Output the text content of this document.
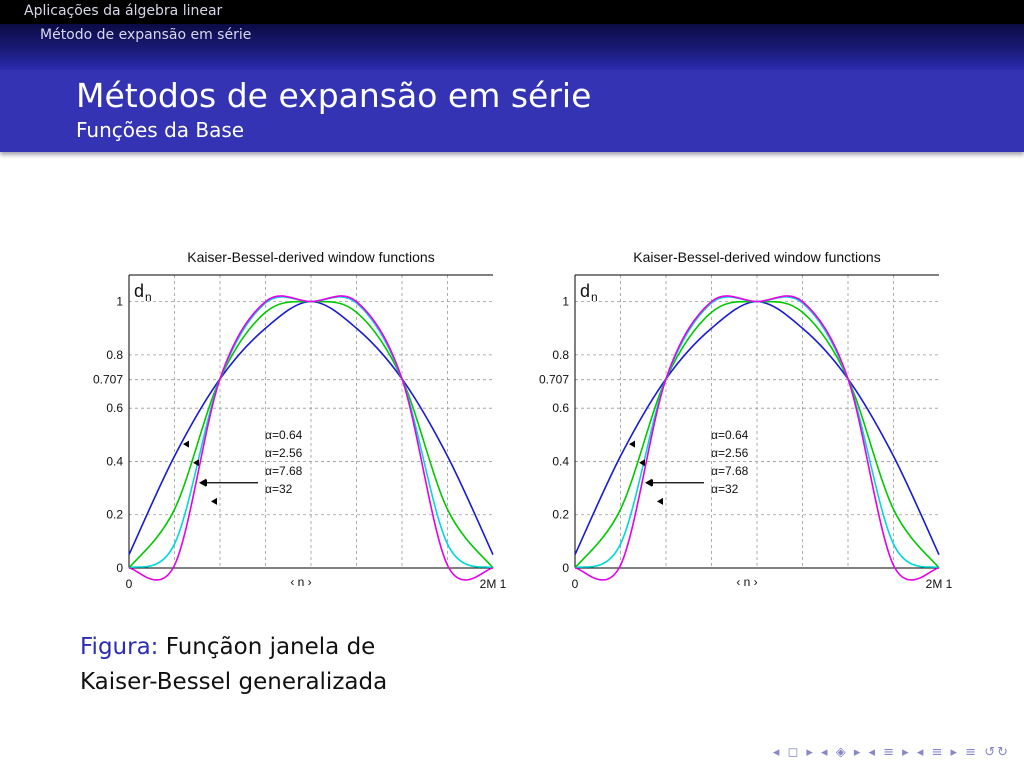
Aplicações da álgebra linear
Método de expansão em série
Métodos de expansão em série
Funções da Base
Kaiser-Bessel-derived window functions
0
0.2
0.4
0.6
0.707
0.8
1
d n
0	2M 1
‹ n ›
α=0.64
α=2.56
α=7.68
α=32
Kaiser-Bessel-derived window functions
0
0.2
0.4
0.6
0.707
0.8
1
d n
0	2M 1
‹ n ›
α=0.64
α=2.56
α=7.68
α=32
Figura: Funçãon janela de Kaiser-Bessel generalizada
◂ ◻ ▸ ◂ ◈ ▸ ◂ ≡ ▸ ◂ ≡ ▸ ≡ ↺↻
